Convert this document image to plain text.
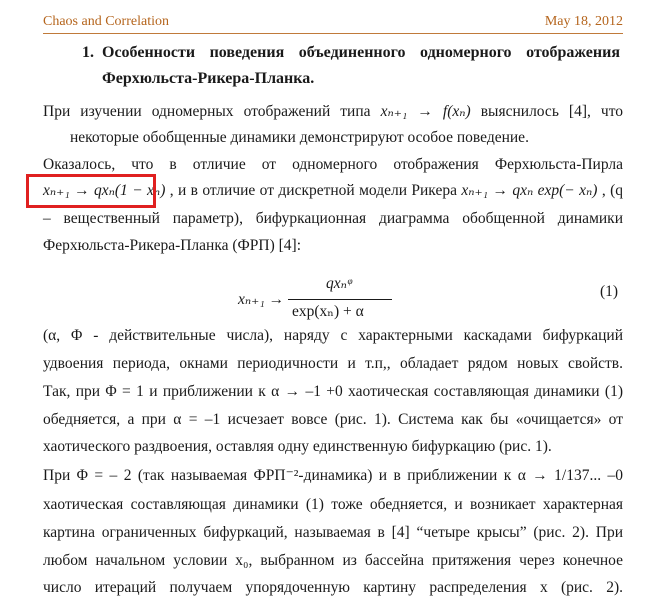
Chaos and Correlation	May 18, 2012
1. Особенности поведения объединенного одномерного отображения
Ферхюльста-Рикера-Планка.
При изучении одномерных отображений типа xₙ₊₁ → f(xₙ) выяснилось [4], что
некоторые обобщенные динамики демонстрируют особое поведение.
Оказалось, что в отличие от одномерного отображения Ферхюльста-Пирла
xₙ₊₁ → qxₙ(1 − xₙ) , и в отличие от дискретной модели Рикера xₙ₊₁ → qxₙ exp(− xₙ) , (q
– вещественный параметр), бифуркационная диаграмма обобщенной динамики
Ферхюльста-Рикера-Планка (ФРП) [4]:
xₙ₊₁ →
qxₙᵠ
exp(xₙ) + α
(1)
(α, Φ - действительные числа), наряду с характерными каскадами бифуркаций
удвоения периода, окнами периодичности и т.п,, обладает рядом новых свойств.
Так, при Φ = 1 и приближении к α → –1 +0 хаотическая составляющая динамики (1)
обедняется, а при α = –1 исчезает вовсе (рис. 1). Система как бы «очищается» от
хаотического раздвоения, оставляя одну единственную бифуркацию (рис. 1).
При Φ = – 2 (так называемая ФРП⁻²-динамика) и в приближении к α → 1/137... –0
хаотическая составляющая динамики (1) тоже обедняется, и возникает характерная
картина ограниченных бифуркаций, называемая в [4] “четыре крысы” (рис. 2). При
любом начальном условии x₀, выбранном из бассейна притяжения через конечное
число итераций получаем упорядоченную картину распределения x (рис. 2).
